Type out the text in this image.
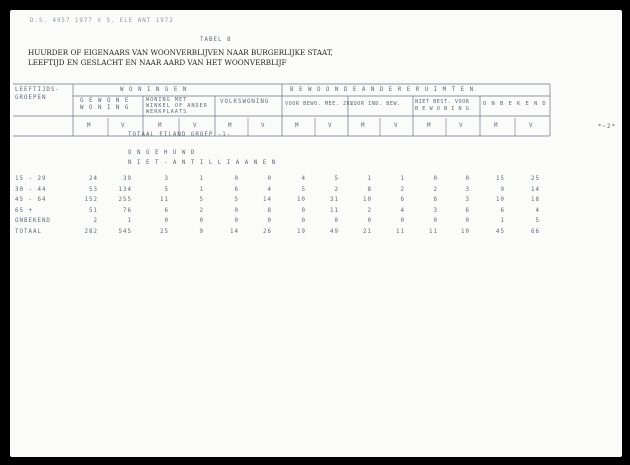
D.S. 4957 1977 V S. ELE ANT 1972
TABEL 8
HUURDER OF EIGENAARS VAN WOONVERBLIJVEN NAAR BURGERLIJKE STAAT,
LEEFTIJD EN GESLACHT EN NAAR AARD VAN HET WOONVERBLIJF
LEEFTIJDS-
GROEPEN
W O N I N G E N	B E W O O N D E A N D E R E R U I M T E N
G E W O N E
W O N I N G
WONING MET
WINKEL OF ANDER
WERKPLAATS
VOLKSWONING	VOOR BEWO. MEE. ZKL.
VOOR IND. BEW.	NIET BEST. VOOR
B E W O N I N G
O N B E K E N D
M	V	M	V	M	V	M	V	M	V	M	V	M	V
TOTAAL EILAND GROEP -1-
O N G E H U W D
N I E T - A N T I L L I A A N E N
*~2*
15 - 29	24	39	3	1	0	0	4	5	1	1	0	0	15	25
30 - 44	53	134	5	1	6	4	5	2	8	2	2	3	9	14
45 - 64	152	255	11	5	5	14	10	31	10	6	6	3	10	18
65 +	51	76	6	2	0	8	0	11	2	4	3	6	6	4
ONBEKEND	2	1	0	0	0	0	0	0	0	0	0	0	1	5
TOTAAL	282	545	25	9	14	26	19	49	21	11	11	10	45	66
